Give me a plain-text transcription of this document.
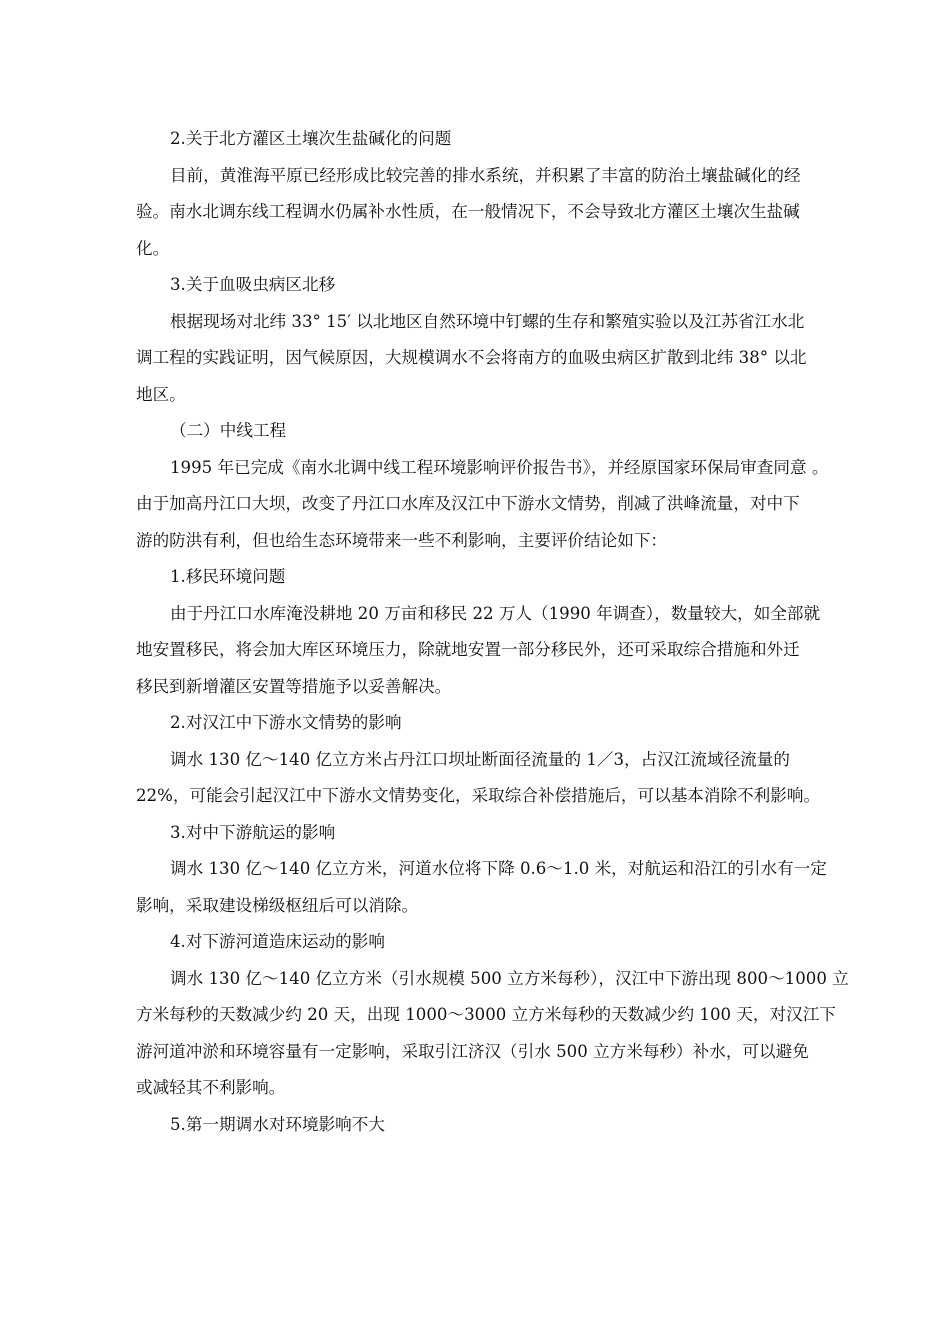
2.关于北方灌区土壤次生盐碱化的问题
目前，黄淮海平原已经形成比较完善的排水系统，并积累了丰富的防治土壤盐碱化的经
验。南水北调东线工程调水仍属补水性质，在一般情况下，不会导致北方灌区土壤次生盐碱
化。
3.关于血吸虫病区北移
根据现场对北纬 33° 15′ 以北地区自然环境中钉螺的生存和繁殖实验以及江苏省江水北
调工程的实践证明，因气候原因，大规模调水不会将南方的血吸虫病区扩散到北纬 38° 以北
地区。
（二）中线工程
1995 年已完成《南水北调中线工程环境影响评价报告书》，并经原国家环保局审查同意 。
由于加高丹江口大坝，改变了丹江口水库及汉江中下游水文情势，削减了洪峰流量，对中下
游的防洪有利，但也给生态环境带来一些不利影响，主要评价结论如下：
1.移民环境问题
由于丹江口水库淹没耕地 20 万亩和移民 22 万人（1990 年调查），数量较大，如全部就
地安置移民，将会加大库区环境压力，除就地安置一部分移民外，还可采取综合措施和外迁
移民到新增灌区安置等措施予以妥善解决。
2.对汉江中下游水文情势的影响
调水 130 亿～140 亿立方米占丹江口坝址断面径流量的 1／3，占汉江流域径流量的
22%，可能会引起汉江中下游水文情势变化，采取综合补偿措施后，可以基本消除不利影响。
3.对中下游航运的影响
调水 130 亿～140 亿立方米，河道水位将下降 0.6～1.0 米，对航运和沿江的引水有一定
影响，采取建设梯级枢纽后可以消除。
4.对下游河道造床运动的影响
调水 130 亿～140 亿立方米（引水规模 500 立方米每秒），汉江中下游出现 800～1000 立
方米每秒的天数减少约 20 天，出现 1000～3000 立方米每秒的天数减少约 100 天，对汉江下
游河道冲淤和环境容量有一定影响，采取引江济汉（引水 500 立方米每秒）补水，可以避免
或减轻其不利影响。
5.第一期调水对环境影响不大
